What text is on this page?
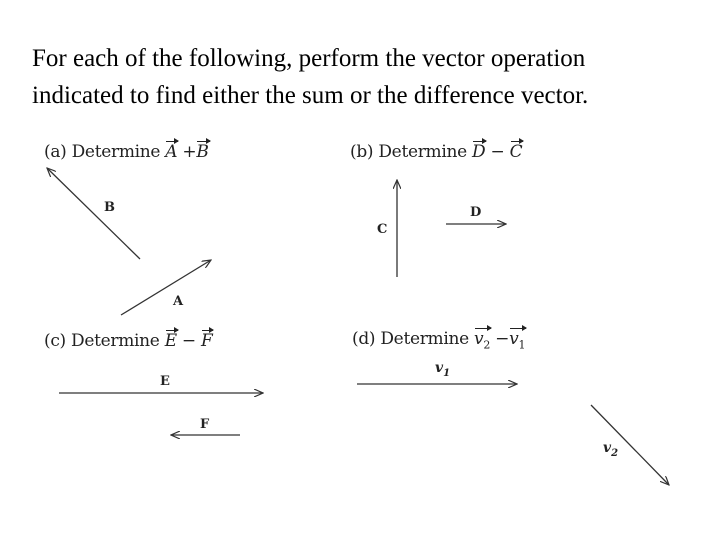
For each of the following, perform the vector operation
indicated to find either the sum or the difference vector.
(a) Determine A +B	(b) Determine D − C
(c) Determine E − F	(d) Determine $v_2 -v_1$
B
A
C
D
E
F
$v_1$
$v_2$
